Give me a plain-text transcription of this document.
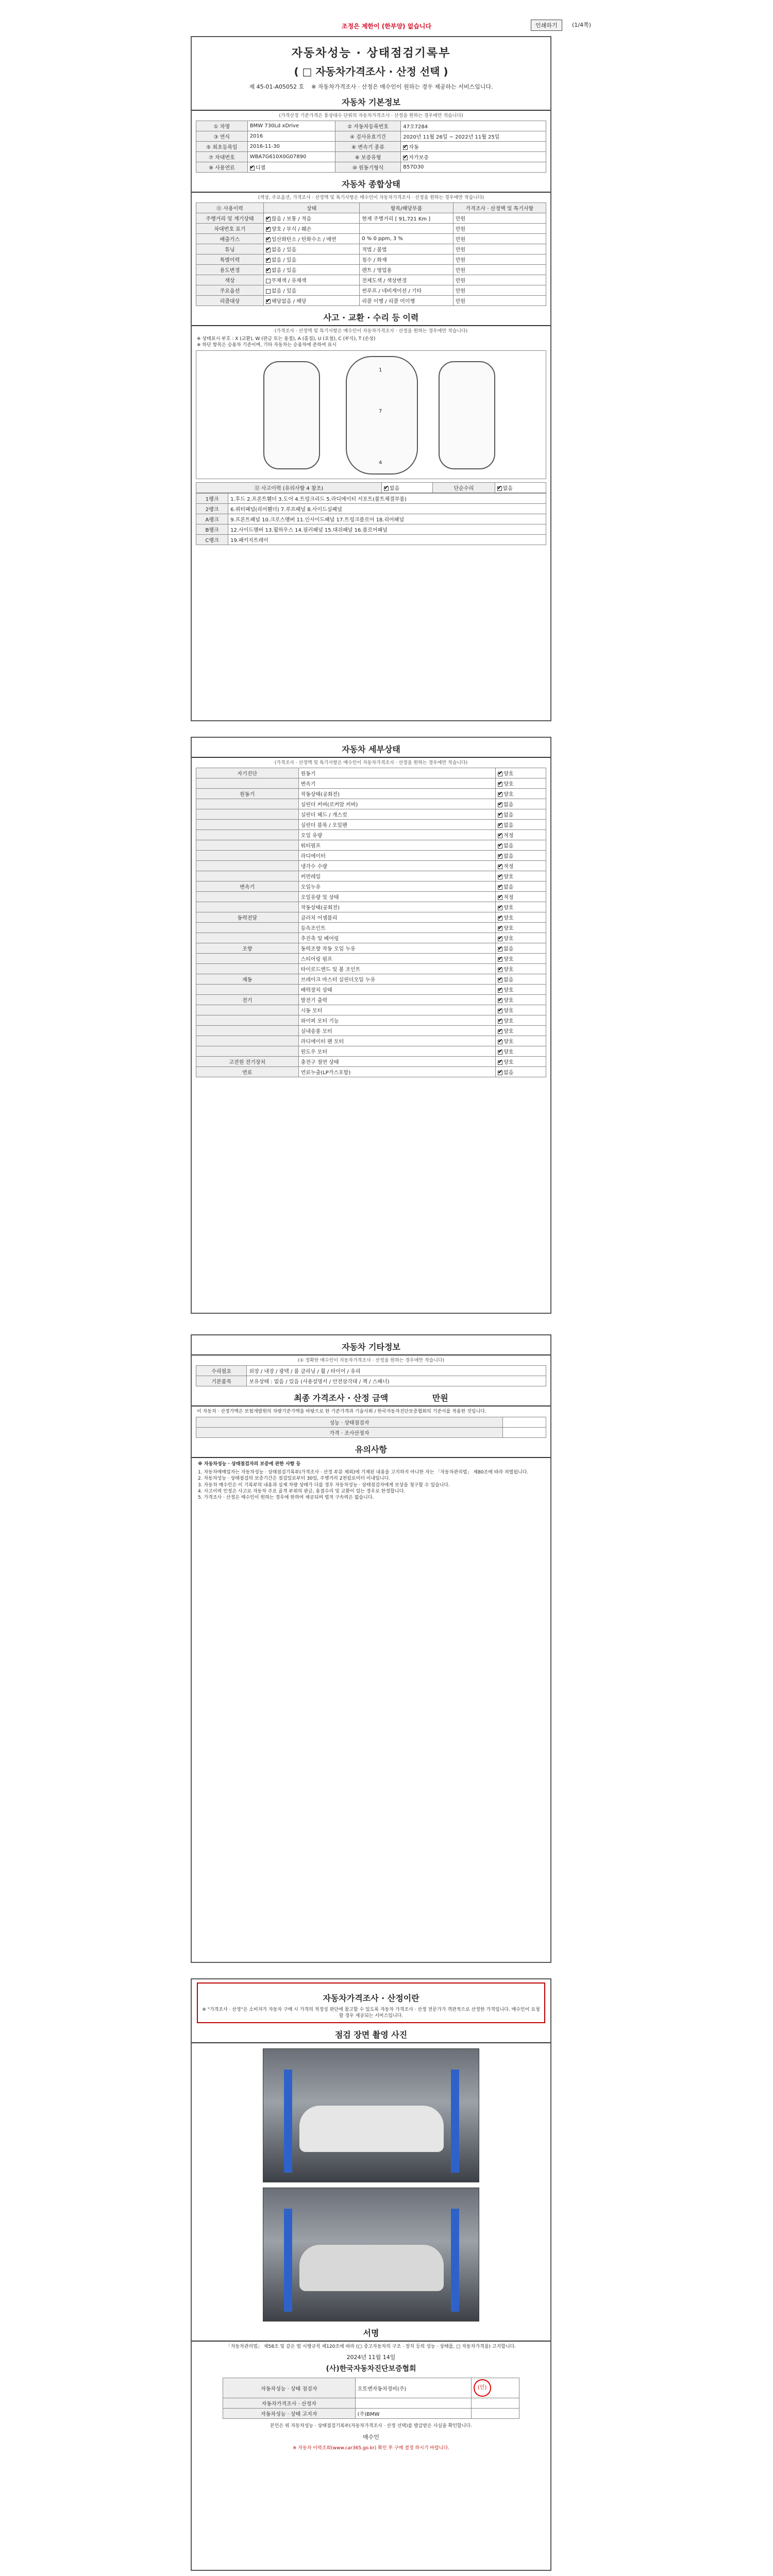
조정은 제한이 (한부양) 없습니다	인쇄하기	(1/4쪽)
자동차성능 · 상태점검기록부
( □ 자동차가격조사 · 산정 선택 )
제 45-01-A05052 호 ※ 자동차가격조사 · 산정은 매수인이 원하는 경우 제공하는 서비스입니다.
자동차 기본정보
(가격산정 기준가격은 통상대수 단위의 자동차가격조사 · 산정을 원하는 경우에만 적습니다)
① 차명	BMW 730Ld xDrive	② 자동차등록번호	47오7284
③ 연식	2016	④ 검사유효기간	2020년 11월 26일 ~ 2022년 11월 25일
⑤ 최초등록일	2016-11-30	⑥ 변속기 종류	✔자동
⑦ 차대번호	WBA7G610X0G07890	⑧ 보증유형	✔자가보증
⑨ 사용연료	✔디젤	⑩ 원동기형식	B57D30
자동차 종합상태
(색상, 주요옵션, 가격조사 · 산정액 및 특기사항은 매수인이 자동차가격조사 · 산정을 원하는 경우에만 적습니다)
⑪ 사용이력	상태	항목/해당부품	가격조사 · 산정액 및 특기사항
주행거리 및 계기상태	✔많음 / 보통 / 적음	현재 주행거리 [ 91,721 Km ]	만원
차대번호 표기	✔양호 / 부식 / 훼손		만원
배출가스	✔일산화탄소 / 탄화수소 / 매연	0 % 0 ppm, 3 %	만원
튜닝	✔없음 / 있음	적법 / 불법	만원
특별이력	✔없음 / 있음	침수 / 화재	만원
용도변경	✔없음 / 있음	렌트 / 영업용	만원
색상	무채색 / 유채색	전체도색 / 색상변경	만원
주요옵션	없음 / 있음	썬루프 / 네비게이션 / 기타	만원
리콜대상	✔해당없음 / 해당	리콜 이행 / 리콜 미이행	만원
사고 · 교환 · 수리 등 이력
(가격조사 · 산정액 및 특기사항은 매수인이 자동차가격조사 · 산정을 원하는 경우에만 적습니다)
※ 상태표시 부호 : X (교환), W (판금 또는 용접), A (흠집), U (요철), C (부식), T (손상)
※ 하단 항목은 승용차 기준이며, 기타 자동차는 승용차에 준하여 표시
1
7
4
⑫ 사고이력 (유의사항 4 참조)	✔없음	단순수리	✔없음
1랭크	1.후드 2.프론트휀더 3.도어 4.트렁크리드 5.라디에이터 서포트(볼트체결부품)
2랭크	6.쿼터패널(리어휀더) 7.루프패널 8.사이드실패널
A랭크	9.프론트패널 10.크로스멤버 11.인사이드패널 17.트렁크플로어 18.리어패널
B랭크	12.사이드멤버 13.휠하우스 14.필러패널 15.대쉬패널 16.플로어패널
C랭크	19.패키지트레이
자동차 세부상태
(가격조사 · 산정액 및 특기사항은 매수인이 자동차가격조사 · 산정을 원하는 경우에만 적습니다)
자기진단	원동기	✔양호
	변속기	✔양호
원동기	작동상태(공회전)	✔양호
	실린더 커버(로커암 커버)	✔없음
	실린더 헤드 / 개스킷	✔없음
	실린더 블록 / 오일팬	✔없음
	오일 유량	✔적정
	워터펌프	✔없음
	라디에이터	✔없음
	냉각수 수량	✔적정
	커먼레일	✔양호
변속기	오일누유	✔없음
	오일유량 및 상태	✔적정
	작동상태(공회전)	✔양호
동력전달	클러치 어셈블리	✔양호
	등속조인트	✔양호
	추진축 및 베어링	✔양호
조향	동력조향 작동 오일 누유	✔없음
	스티어링 펌프	✔양호
	타이로드엔드 및 볼 조인트	✔양호
제동	브레이크 마스터 실린더오일 누유	✔없음
	배력장치 상태	✔양호
전기	발전기 출력	✔양호
	시동 모터	✔양호
	와이퍼 모터 기능	✔양호
	실내송풍 모터	✔양호
	라디에이터 팬 모터	✔양호
	윈도우 모터	✔양호
고전원 전기장치	충전구 절연 상태	✔양호
연료	연료누출(LP가스포함)	✔없음
자동차 기타정보
(① 정확한 매수인이 자동차가격조사 · 산정을 원하는 경우에만 적습니다)
수리필요	외장 / 내장 / 광택 / 룸 클리닝 / 휠 / 타이어 / 유리
기본품목	보유상태 : 없음 / 있음 (사용설명서 / 안전삼각대 / 잭 / 스패너)
최종 가격조사 · 산정 금액	만원
이 자동차 · 산정가액은 보험개발원의 차량기준가액을 바탕으로 한 기준가격과 기술사회 / 한국자동차진단보증협회의 기준서를 적용한 것입니다.
성능 · 상태점검자	
가격 · 조사산정자	
유의사항
※ 자동차성능 · 상태점검자의 보증에 관한 사항 등
1. 자동차매매업자는 자동차성능 · 상태점검기록부(가격조사 · 산정 부분 제외)에 기재된 내용을 고지하지 아니한 자는 「자동차관리법」 제80조에 따라 처벌됩니다.
2. 자동차성능 · 상태점검의 보증기간은 점검일로부터 30일, 주행거리 2천킬로미터 이내입니다.
3. 자동차 매수인은 이 기록부의 내용과 실제 차량 상태가 다를 경우 자동차성능 · 상태점검자에게 보상을 청구할 수 있습니다.
4. 사고이력 인정은 사고로 자동차 주요 골격 부위의 판금, 용접수리 및 교환이 있는 경우로 한정합니다.
5. 가격조사 · 산정은 매수인이 원하는 경우에 한하여 제공되며 법적 구속력은 없습니다.
자동차가격조사 · 산정이란
※ "가격조사 · 산정"은 소비자가 자동차 구매 시 가격의 적정성 판단에 참고할 수 있도록 자동차 가격조사 · 산정 전문가가 객관적으로 산정한 가격입니다. 매수인이 요청할 경우 제공되는 서비스입니다.
점검 장면 촬영 사진
서명
「자동차관리법」 제58조 및 같은 법 시행규칙 제120조에 따라 (□ 중고자동차의 구조 · 장치 등의 성능 · 상태를, □ 자동차가격을) 고지합니다.
2024년 11월 14일
(사)한국자동차진단보증협회
자동차성능 · 상태 점검자	오토맨자동차정비(주)	(인)
자동차가격조사 · 산정자		
자동차성능 · 상태 고지자	(주)BMW	
본인은 위 자동차성능 · 상태점검기록부(자동차가격조사 · 산정 선택)를 발급받은 사실을 확인합니다.
매수인
※ 자동차 이력조회(www.car365.go.kr) 확인 후 구매 결정 하시기 바랍니다.
